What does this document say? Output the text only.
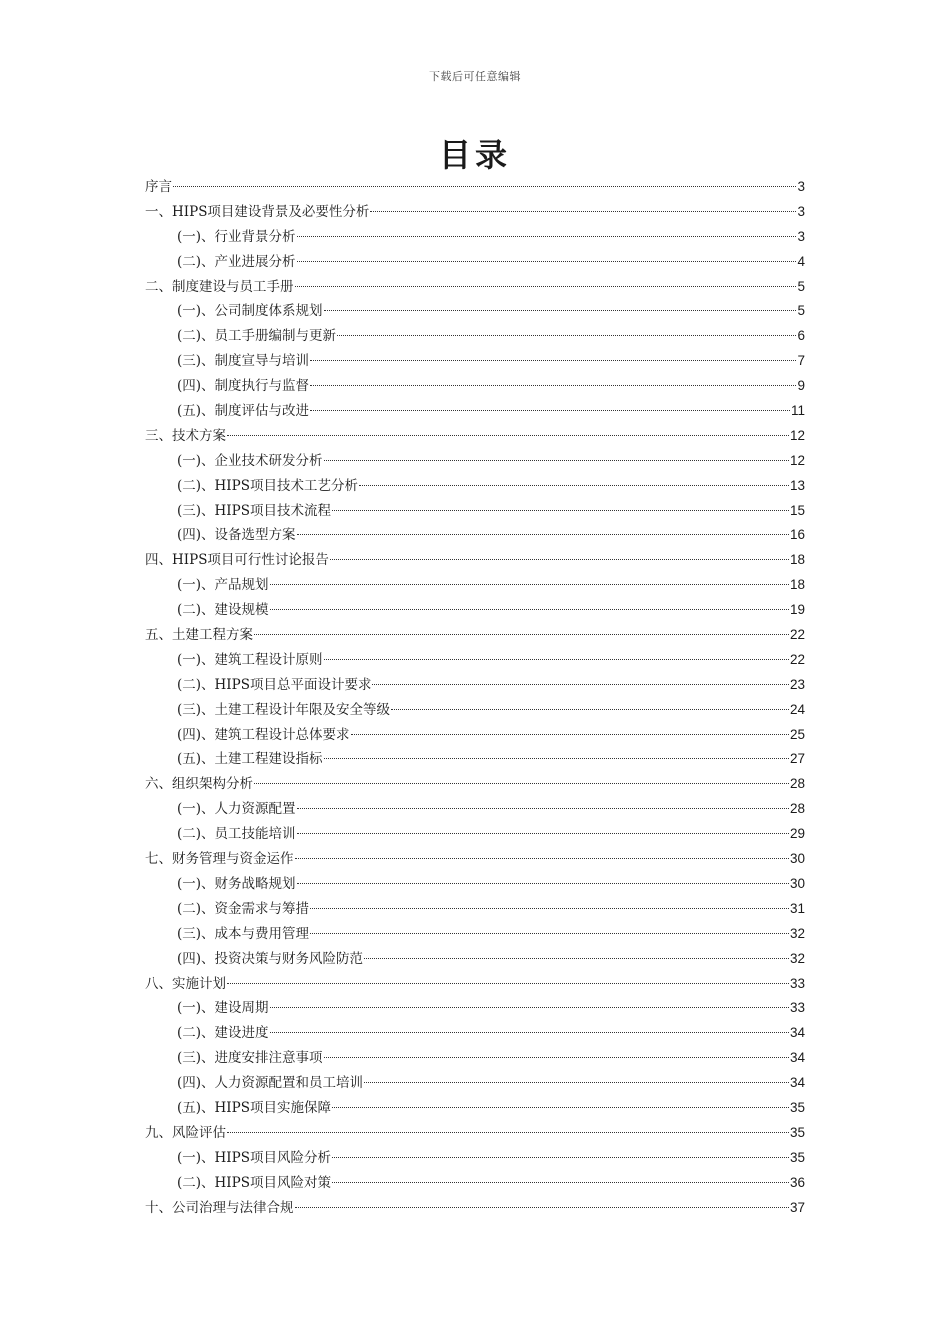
下载后可任意编辑
目录
序言	3
一、HIPS项目建设背景及必要性分析	3
(一)、行业背景分析	3
(二)、产业进展分析	4
二、制度建设与员工手册	5
(一)、公司制度体系规划	5
(二)、员工手册编制与更新	6
(三)、制度宣导与培训	7
(四)、制度执行与监督	9
(五)、制度评估与改进	11
三、技术方案	12
(一)、企业技术研发分析	12
(二)、HIPS项目技术工艺分析	13
(三)、HIPS项目技术流程	15
(四)、设备选型方案	16
四、HIPS项目可行性讨论报告	18
(一)、产品规划	18
(二)、建设规模	19
五、土建工程方案	22
(一)、建筑工程设计原则	22
(二)、HIPS项目总平面设计要求	23
(三)、土建工程设计年限及安全等级	24
(四)、建筑工程设计总体要求	25
(五)、土建工程建设指标	27
六、组织架构分析	28
(一)、人力资源配置	28
(二)、员工技能培训	29
七、财务管理与资金运作	30
(一)、财务战略规划	30
(二)、资金需求与筹措	31
(三)、成本与费用管理	32
(四)、投资决策与财务风险防范	32
八、实施计划	33
(一)、建设周期	33
(二)、建设进度	34
(三)、进度安排注意事项	34
(四)、人力资源配置和员工培训	34
(五)、HIPS项目实施保障	35
九、风险评估	35
(一)、HIPS项目风险分析	35
(二)、HIPS项目风险对策	36
十、公司治理与法律合规	37
